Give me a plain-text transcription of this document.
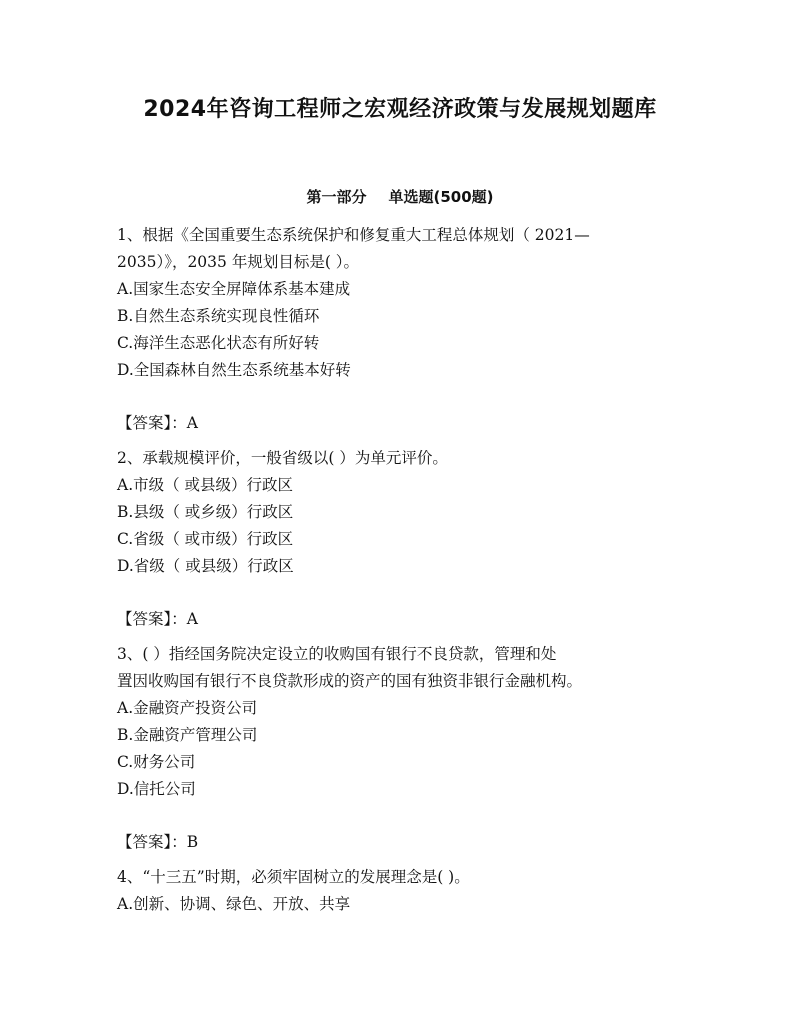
2024年咨询工程师之宏观经济政策与发展规划题库
第一部分 单选题(500题)
1、根据《全国重要生态系统保护和修复重大工程总体规划（ 2021—
2035）》，2035 年规划目标是( ）。
A.国家生态安全屏障体系基本建成
B.自然生态系统实现良性循环
C.海洋生态恶化状态有所好转
D.全国森林自然生态系统基本好转
【答案】：A
2、承载规模评价，一般省级以( ）为单元评价。
A.市级（ 或县级）行政区
B.县级（ 或乡级）行政区
C.省级（ 或市级）行政区
D.省级（ 或县级）行政区
【答案】：A
3、( ）指经国务院决定设立的收购国有银行不良贷款，管理和处
置因收购国有银行不良贷款形成的资产的国有独资非银行金融机构。
A.金融资产投资公司
B.金融资产管理公司
C.财务公司
D.信托公司
【答案】：B
4、“十三五”时期，必须牢固树立的发展理念是( )。
A.创新、协调、绿色、开放、共享
